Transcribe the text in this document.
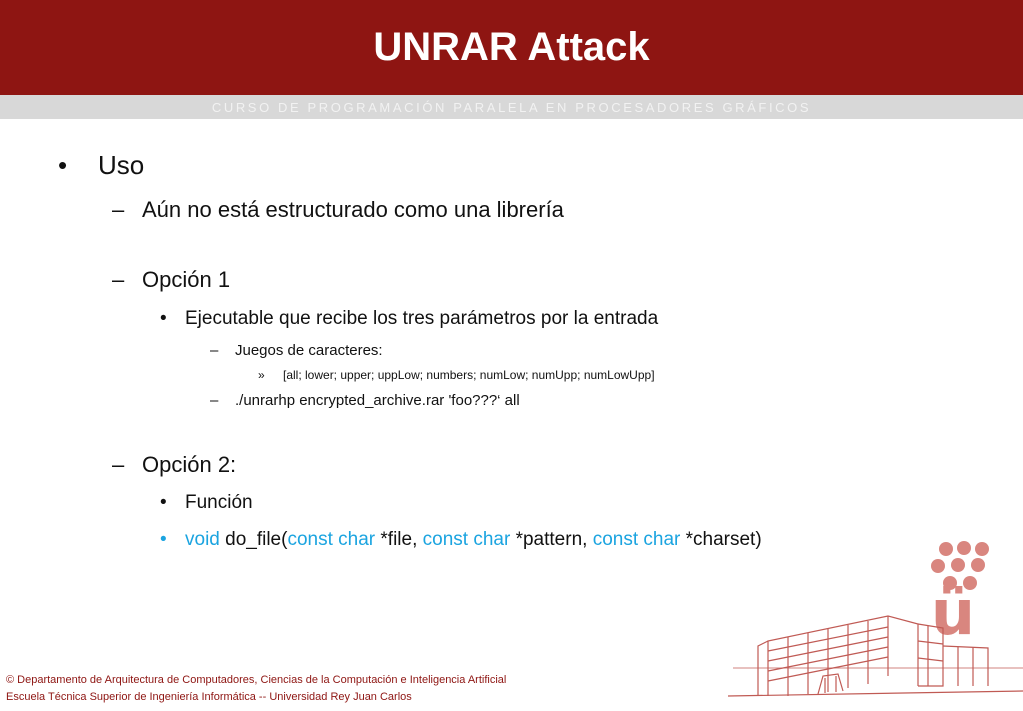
UNRAR Attack
CURSO DE PROGRAMACIÓN PARALELA EN PROCESADORES GRÁFICOS
• Uso
– Aún no está estructurado como una librería
– Opción 1
• Ejecutable que recibe los tres parámetros por la entrada
– Juegos de caracteres:
» [all; lower; upper; uppLow; numbers; numLow; numUpp; numLowUpp]
– ./unrarhp encrypted_archive.rar 'foo???‘ all
– Opción 2:
• Función
• void do_file(const char *file, const char *pattern, const char *charset)
ü
© Departamento de Arquitectura de Computadores, Ciencias de la Computación e Inteligencia Artificial
Escuela Técnica Superior de Ingeniería Informática -- Universidad Rey Juan Carlos
